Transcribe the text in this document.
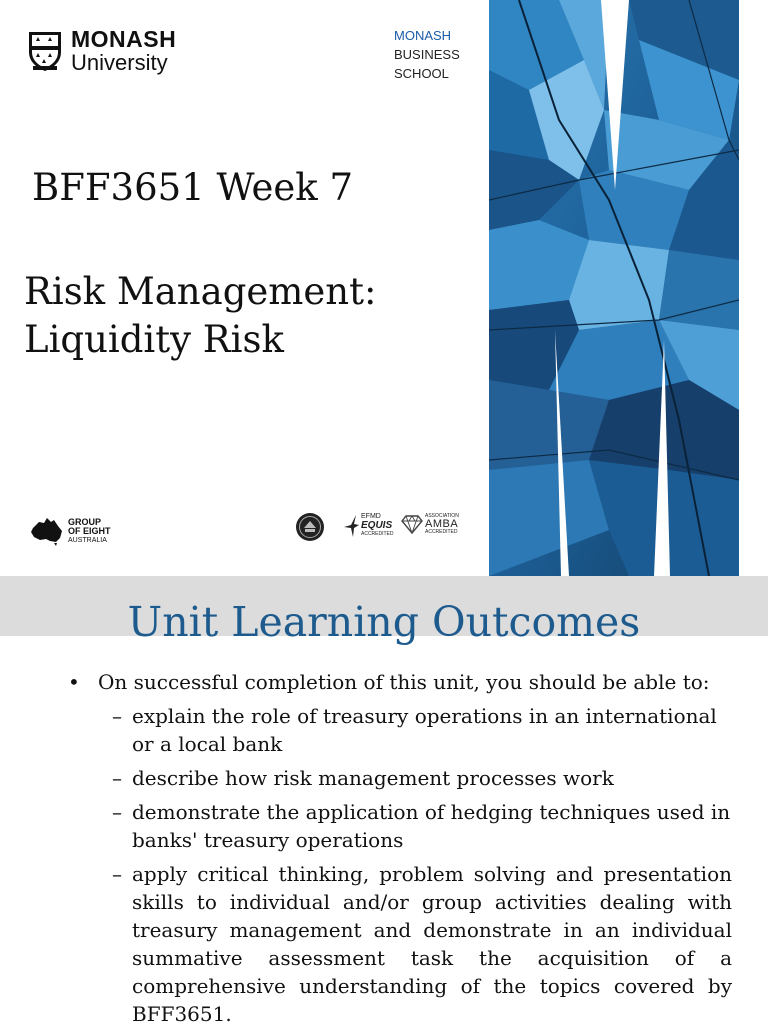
MONASH
University
MONASH
BUSINESS
SCHOOL
BFF3651 Week 7
Risk Management:
Liquidity Risk
GROUP
OF EIGHT
AUSTRALIA
EFMD
EQUIS
ACCREDITED
ASSOCIATION
AMBA
ACCREDITED
Unit Learning Outcomes
• On successful completion of this unit, you should be able to:
– explain the role of treasury operations in an international or a local bank
– describe how risk management processes work
– demonstrate the application of hedging techniques used in banks' treasury operations
– apply critical thinking, problem solving and presentation skills to individual and/or group activities dealing with treasury management and demonstrate in an individual summative assessment task the acquisition of a comprehensive understanding of the topics covered by BFF3651.
